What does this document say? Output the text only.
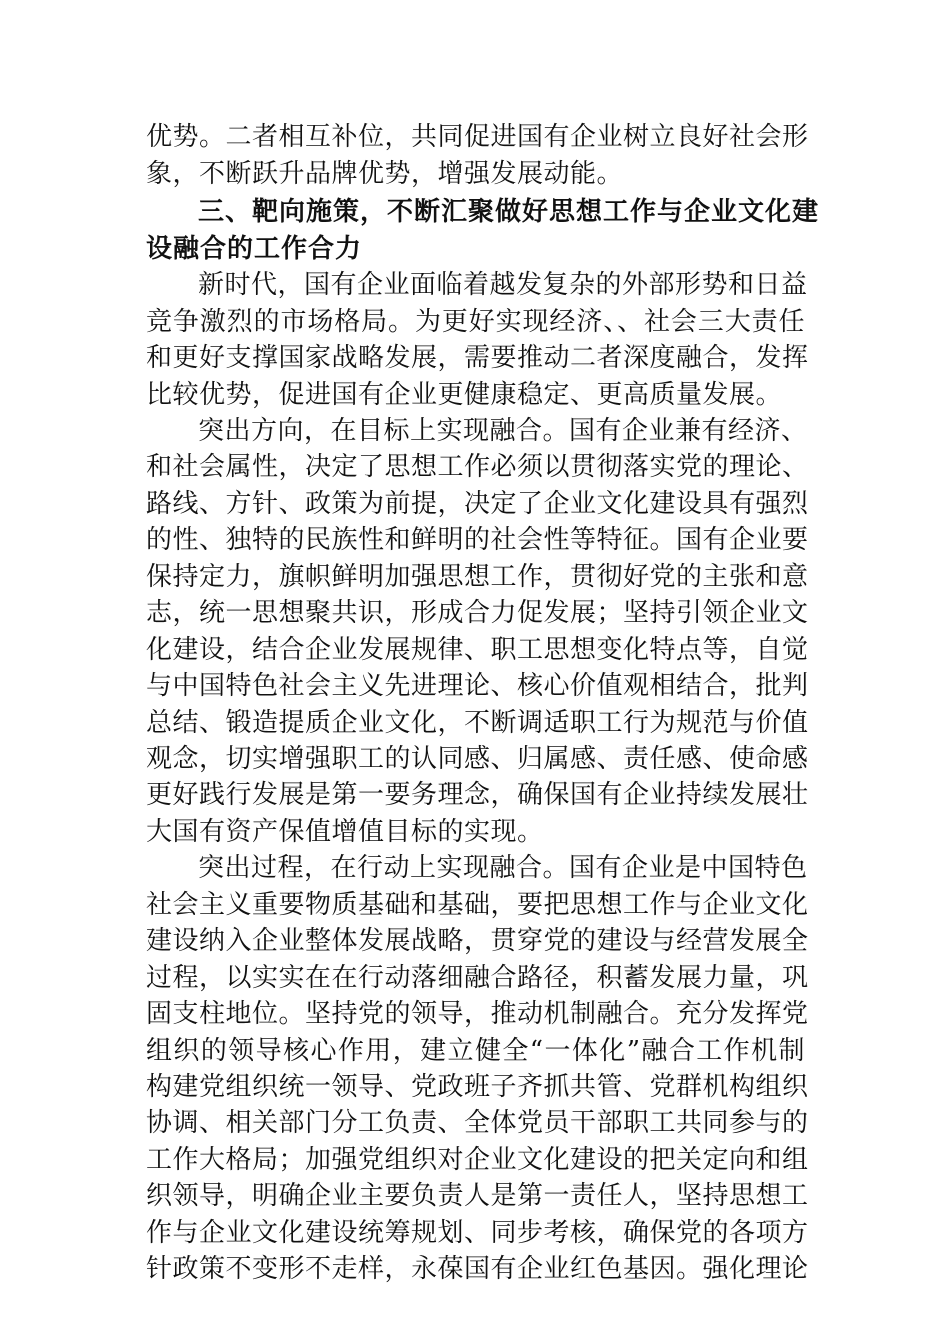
优势。二者相互补位，共同促进国有企业树立良好社会形
象，不断跃升品牌优势，增强发展动能。
三、靶向施策，不断汇聚做好思想工作与企业文化建
设融合的工作合力
新时代，国有企业面临着越发复杂的外部形势和日益
竞争激烈的市场格局。为更好实现经济、、社会三大责任
和更好支撑国家战略发展，需要推动二者深度融合，发挥
比较优势，促进国有企业更健康稳定、更高质量发展。
突出方向，在目标上实现融合。国有企业兼有经济、
和社会属性，决定了思想工作必须以贯彻落实党的理论、
路线、方针、政策为前提，决定了企业文化建设具有强烈
的性、独特的民族性和鲜明的社会性等特征。国有企业要
保持定力，旗帜鲜明加强思想工作，贯彻好党的主张和意
志，统一思想聚共识，形成合力促发展；坚持引领企业文
化建设，结合企业发展规律、职工思想变化特点等，自觉
与中国特色社会主义先进理论、核心价值观相结合，批判
总结、锻造提质企业文化，不断调适职工行为规范与价值
观念，切实增强职工的认同感、归属感、责任感、使命感
更好践行发展是第一要务理念，确保国有企业持续发展壮
大国有资产保值增值目标的实现。
突出过程，在行动上实现融合。国有企业是中国特色
社会主义重要物质基础和基础，要把思想工作与企业文化
建设纳入企业整体发展战略，贯穿党的建设与经营发展全
过程，以实实在在行动落细融合路径，积蓄发展力量，巩
固支柱地位。坚持党的领导，推动机制融合。充分发挥党
组织的领导核心作用，建立健全“一体化”融合工作机制
构建党组织统一领导、党政班子齐抓共管、党群机构组织
协调、相关部门分工负责、全体党员干部职工共同参与的
工作大格局；加强党组织对企业文化建设的把关定向和组
织领导，明确企业主要负责人是第一责任人，坚持思想工
作与企业文化建设统筹规划、同步考核，确保党的各项方
针政策不变形不走样，永葆国有企业红色基因。强化理论
